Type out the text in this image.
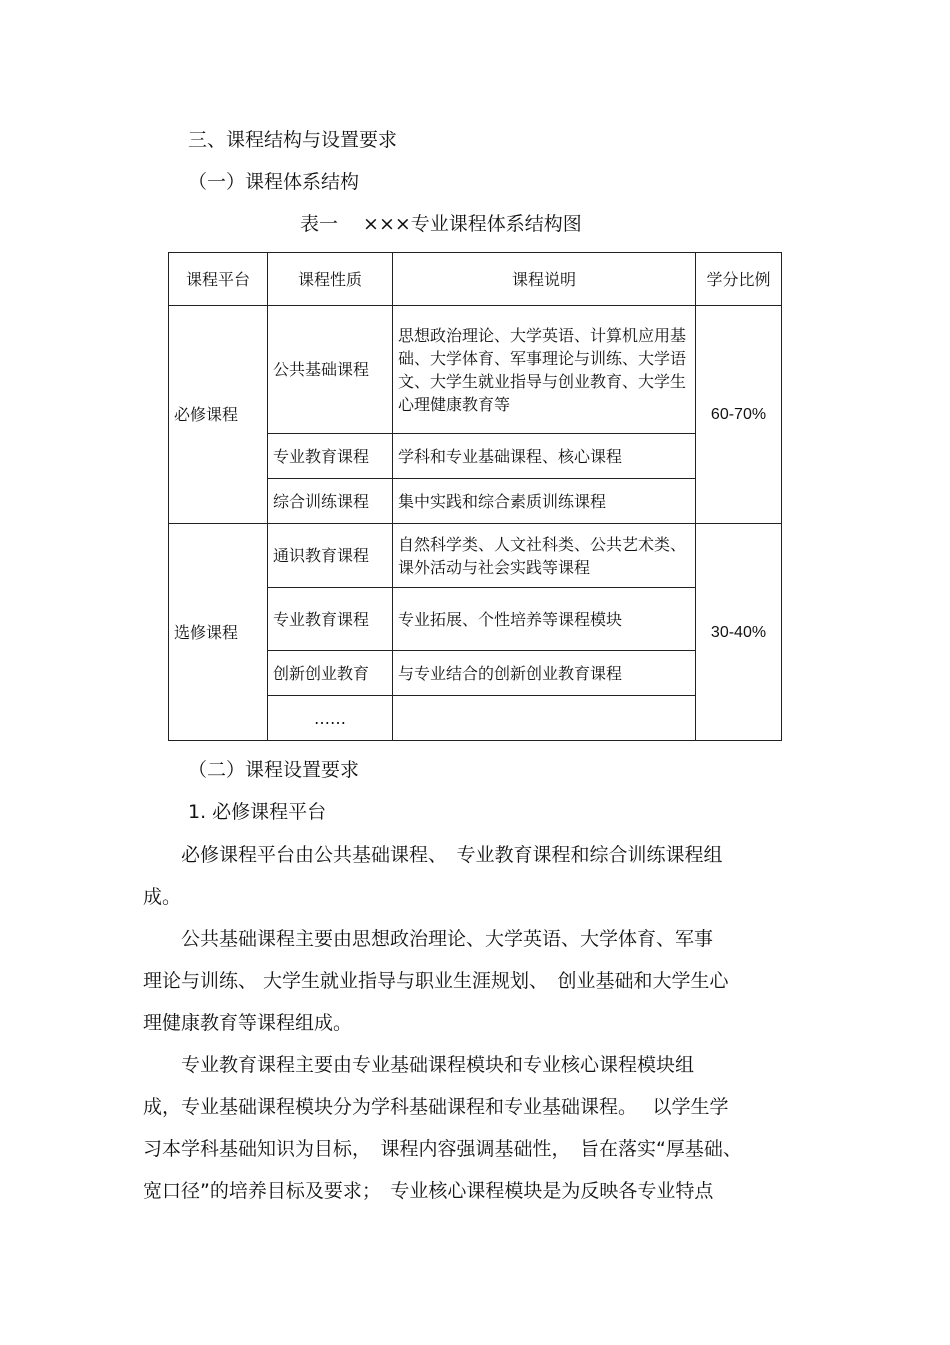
三、课程结构与设置要求
（一）课程体系结构
表一　 ×××专业课程体系结构图
课程平台	课程性质	课程说明	学分比例
必修课程	公共基础课程	思想政治理论、大学英语、计算机应用基础、大学体育、军事理论与训练、大学语文、大学生就业指导与创业教育、大学生心理健康教育等	60-70%
	专业教育课程	学科和专业基础课程、核心课程	
	综合训练课程	集中实践和综合素质训练课程	
选修课程	通识教育课程	自然科学类、人文社科类、公共艺术类、课外活动与社会实践等课程	30-40%
	专业教育课程	专业拓展、个性培养等课程模块	
	创新创业教育	与专业结合的创新创业教育课程	
	……		
（二）课程设置要求
1. 必修课程平台

　　必修课程平台由公共基础课程、　专业教育课程和综合训练课程组

成。

　　公共基础课程主要由思想政治理论、大学英语、大学体育、军事

理论与训练、 大学生就业指导与职业生涯规划、　创业基础和大学生心

理健康教育等课程组成。

　　专业教育课程主要由专业基础课程模块和专业核心课程模块组

成，专业基础课程模块分为学科基础课程和专业基础课程。　 以学生学

习本学科基础知识为目标，　课程内容强调基础性，　旨在落实“厚基础、

宽口径”的培养目标及要求；　专业核心课程模块是为反映各专业特点
